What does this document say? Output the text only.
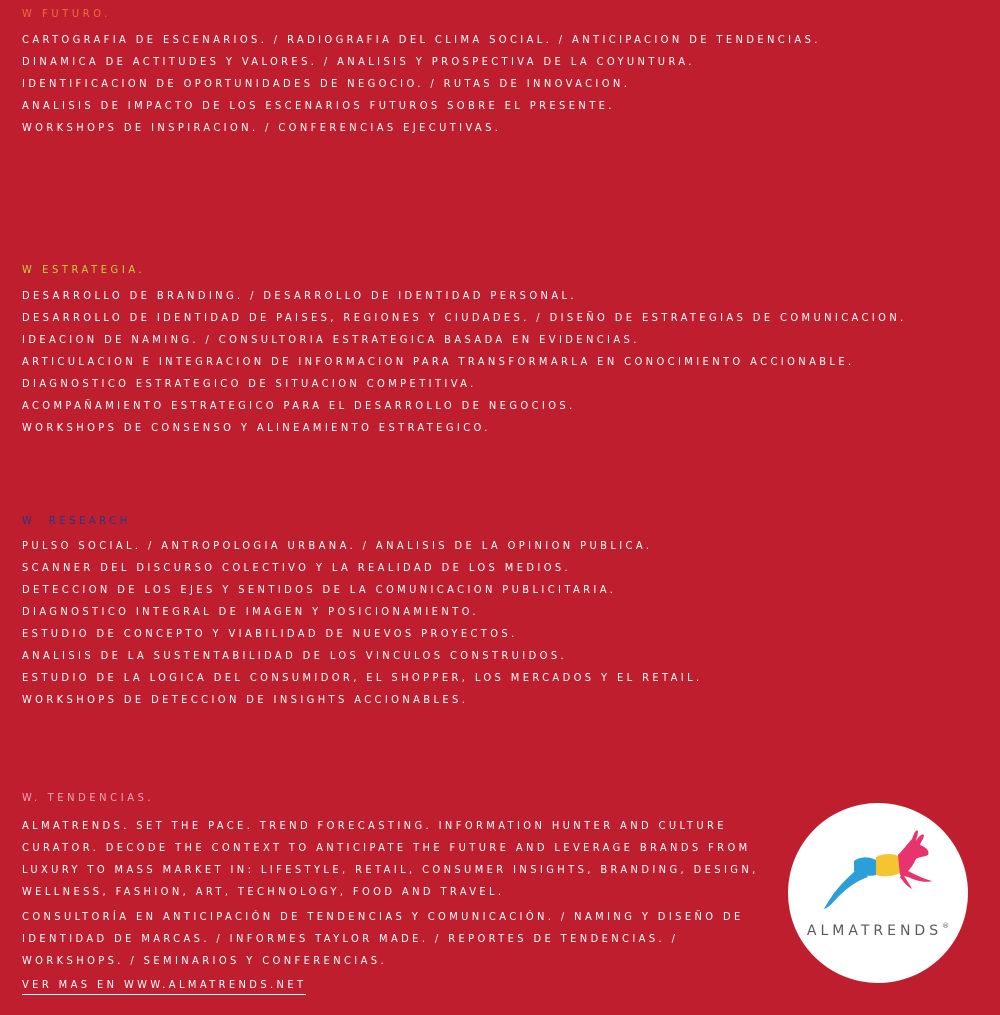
W FUTURO.
CARTOGRAFIA DE ESCENARIOS. / RADIOGRAFIA DEL CLIMA SOCIAL. / ANTICIPACION DE TENDENCIAS.
DINAMICA DE ACTITUDES Y VALORES. / ANALISIS Y PROSPECTIVA DE LA COYUNTURA.
IDENTIFICACION DE OPORTUNIDADES DE NEGOCIO. / RUTAS DE INNOVACION.
ANALISIS DE IMPACTO DE LOS ESCENARIOS FUTUROS SOBRE EL PRESENTE.
WORKSHOPS DE INSPIRACION. / CONFERENCIAS EJECUTIVAS.
W ESTRATEGIA.
DESARROLLO DE BRANDING. / DESARROLLO DE IDENTIDAD PERSONAL.
DESARROLLO DE IDENTIDAD DE PAISES, REGIONES Y CIUDADES. / DISEÑO DE ESTRATEGIAS DE COMUNICACION.
IDEACION DE NAMING. / CONSULTORIA ESTRATEGICA BASADA EN EVIDENCIAS.
ARTICULACION E INTEGRACION DE INFORMACION PARA TRANSFORMARLA EN CONOCIMIENTO ACCIONABLE.
DIAGNOSTICO ESTRATEGICO DE SITUACION COMPETITIVA.
ACOMPAÑAMIENTO ESTRATEGICO PARA EL DESARROLLO DE NEGOCIOS.
WORKSHOPS DE CONSENSO Y ALINEAMIENTO ESTRATEGICO.
W  RESEARCH
PULSO SOCIAL. / ANTROPOLOGIA URBANA. / ANALISIS DE LA OPINION PUBLICA.
SCANNER DEL DISCURSO COLECTIVO Y LA REALIDAD DE LOS MEDIOS.
DETECCION DE LOS EJES Y SENTIDOS DE LA COMUNICACION PUBLICITARIA.
DIAGNOSTICO INTEGRAL DE IMAGEN Y POSICIONAMIENTO.
ESTUDIO DE CONCEPTO Y VIABILIDAD DE NUEVOS PROYECTOS.
ANALISIS DE LA SUSTENTABILIDAD DE LOS VINCULOS CONSTRUIDOS.
ESTUDIO DE LA LOGICA DEL CONSUMIDOR, EL SHOPPER, LOS MERCADOS Y EL RETAIL.
WORKSHOPS DE DETECCION DE INSIGHTS ACCIONABLES.
W. TENDENCIAS.
ALMATRENDS. SET THE PACE. TREND FORECASTING. INFORMATION HUNTER AND CULTURE CURATOR. DECODE THE CONTEXT TO ANTICIPATE THE FUTURE AND LEVERAGE BRANDS FROM LUXURY TO MASS MARKET IN: LIFESTYLE, RETAIL, CONSUMER INSIGHTS, BRANDING, DESIGN, WELLNESS, FASHION, ART, TECHNOLOGY, FOOD AND TRAVEL.
CONSULTORÍA EN ANTICIPACIÓN DE TENDENCIAS Y COMUNICACIÓN. / NAMING Y DISEÑO DE IDENTIDAD DE MARCAS. / INFORMES TAYLOR MADE. / REPORTES DE TENDENCIAS. / WORKSHOPS. / SEMINARIOS Y CONFERENCIAS.
VER MAS EN WWW.ALMATRENDS.NET
ALMATRENDS®
